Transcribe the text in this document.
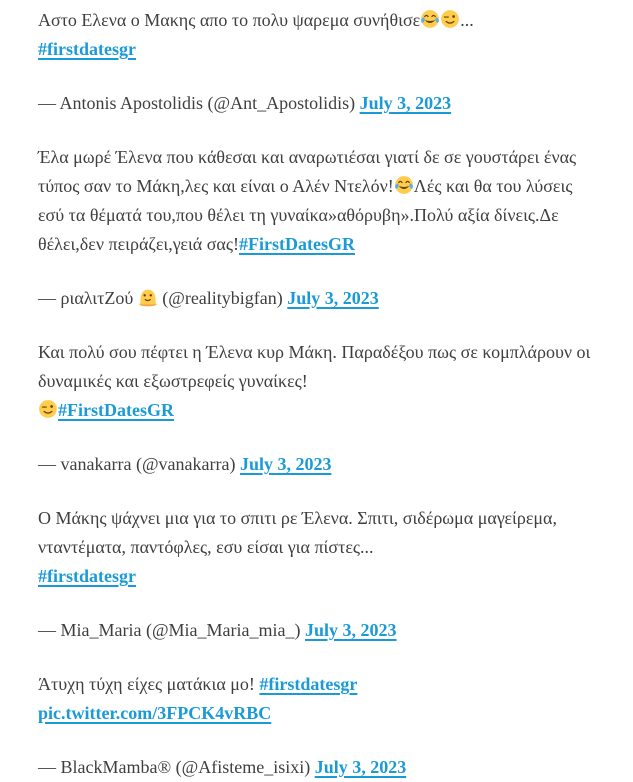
Αστο Ελενα ο Μακης απο το πολυ ψαρεμα συνήθισε ...
#firstdatesgr

— Antonis Apostolidis (@Ant_Apostolidis) July 3, 2023

Έλα μωρέ Έλενα που κάθεσαι και αναρωτιέσαι γιατί δε σε γουστάρει ένας τύπος σαν το Μάκη,λες και είναι ο Αλέν Ντελόν! Λές και θα του λύσεις εσύ τα θέματά του,που θέλει τη γυναίκα»αθόρυβη».Πολύ αξία δίνεις.Δε θέλει,δεν πειράζει,γειά σας!#FirstDatesGR

— ριαλιτΖού (@realitybigfan) July 3, 2023

Και πολύ σου πέφτει η Έλενα κυρ Μάκη. Παραδέξου πως σε κομπλάρουν οι δυναμικές και εξωστρεφείς γυναίκες!

#FirstDatesGR

— vanakarra (@vanakarra) July 3, 2023

Ο Μάκης ψάχνει μια για το σπιτι ρε Έλενα. Σπιτι, σιδέρωμα μαγείρεμα, νταντέματα, παντόφλες, εσυ είσαι για πίστες...
#firstdatesgr

— Mia_Maria (@Mia_Maria_mia_) July 3, 2023

Άτυχη τύχη είχες ματάκια μο! #firstdatesgr
pic.twitter.com/3FPCK4vRBC

— BlackMamba® (@Afisteme_isixi) July 3, 2023
